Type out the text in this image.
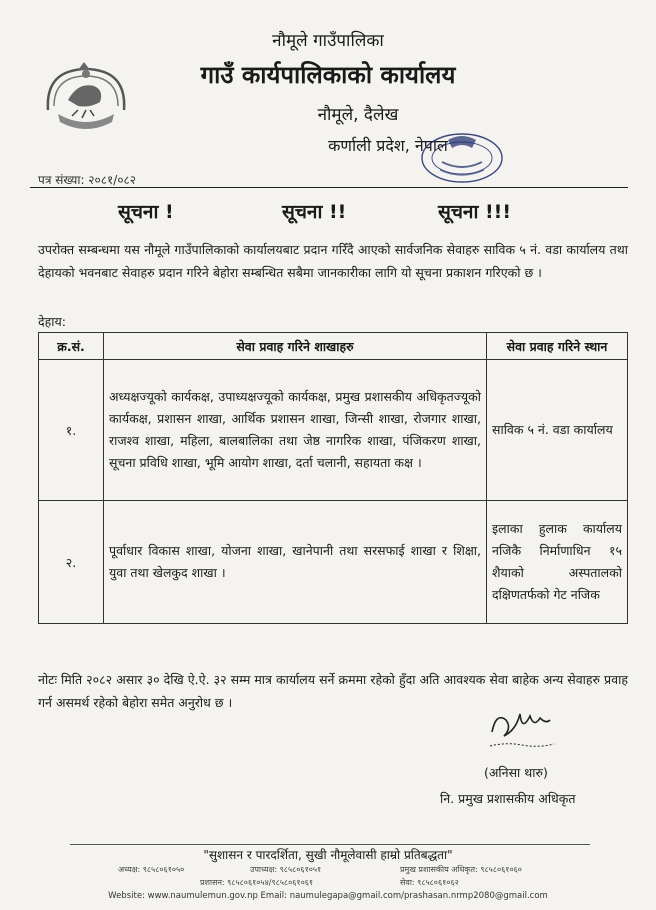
नौमूले गाउँपालिका
गाउँ कार्यपालिकाको कार्यालय
नौमूले, दैलेख
कर्णाली प्रदेश, नेपाल
पत्र संख्या: २०८१/०८२
सूचना !	सूचना !!	सूचना !!!
उपरोक्त सम्बन्धमा यस नौमूले गाउँपालिकाको कार्यालयबाट प्रदान गरिँदै आएको सार्वजनिक सेवाहरु साविक ५ नं. वडा कार्यालय तथा देहायको भवनबाट सेवाहरु प्रदान गरिने बेहोरा सम्बन्धित सबैमा जानकारीका लागि यो सूचना प्रकाशन गरिएको छ ।
देहाय:
क्र.सं.	सेवा प्रवाह गरिने शाखाहरु	सेवा प्रवाह गरिने स्थान
१.	अध्यक्षज्यूको कार्यकक्ष, उपाध्यक्षज्यूको कार्यकक्ष, प्रमुख प्रशासकीय अधिकृतज्यूको कार्यकक्ष, प्रशासन शाखा, आर्थिक प्रशासन शाखा, जिन्सी शाखा, रोजगार शाखा, राजश्व शाखा, महिला, बालबालिका तथा जेष्ठ नागरिक शाखा, पंजिकरण शाखा, सूचना प्रविधि शाखा, भूमि आयोग शाखा, दर्ता चलानी, सहायता कक्ष ।	साविक ५ नं. वडा कार्यालय
२.	पूर्वाधार विकास शाखा, योजना शाखा, खानेपानी तथा सरसफाई शाखा र शिक्षा, युवा तथा खेलकुद शाखा ।	इलाका हुलाक कार्यालय नजिकै निर्माणाधिन १५ शैयाको अस्पतालको दक्षिणतर्फको गेट नजिक
नोटः मिति २०८२ असार ३० देखि ऐ.ऐ. ३२ सम्म मात्र कार्यालय सर्ने क्रममा रहेको हुँदा अति आवश्यक सेवा बाहेक अन्य सेवाहरु प्रवाह गर्न असमर्थ रहेको बेहोरा समेत अनुरोध छ ।
(अनिसा थारु)
नि. प्रमुख प्रशासकीय अधिकृत
"सुशासन र पारदर्शिता, सुखी नौमूलेवासी हाम्रो प्रतिबद्धता"
अध्यक्ष: ९८५८०६१०५०	उपाध्यक्ष: ९८५८०६१०५१	प्रमुख प्रशासकीय अधिकृत: ९८५८०६१०६०
प्रशासन: ९८५८०६१०५४/९८५८०६१०६१	सेवा: ९८५८०६१०६२
Website: www.naumulemun.gov.np Email: naumulegapa@gmail.com/prashasan.nrmp2080@gmail.com
